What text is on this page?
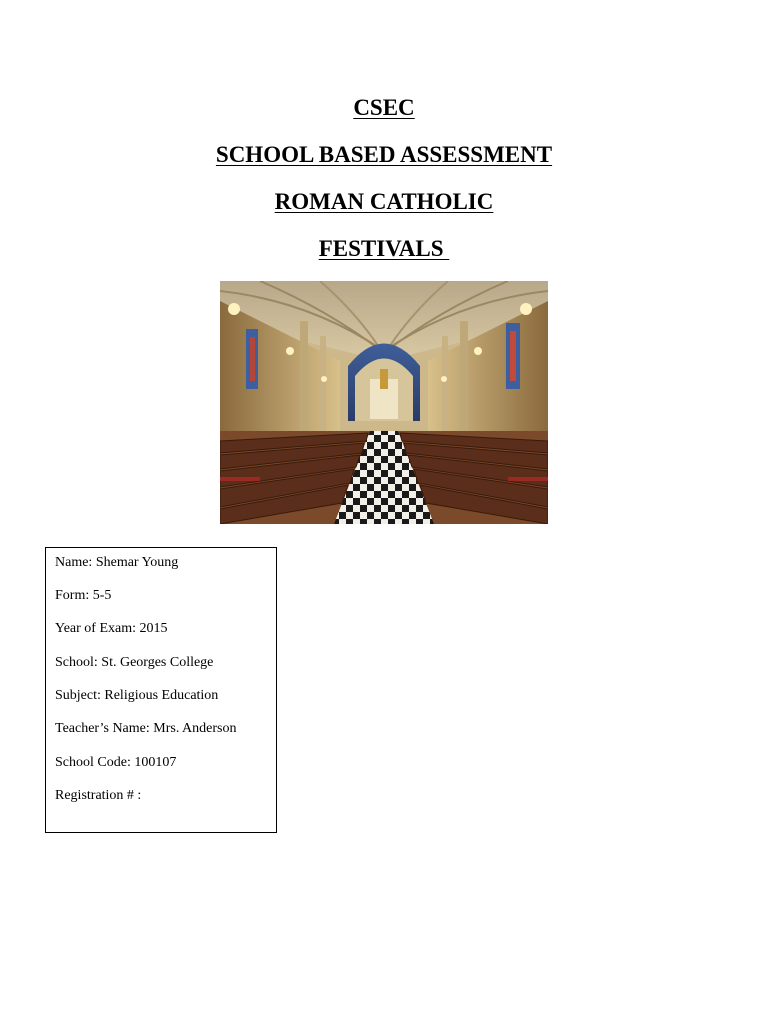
CSEC
SCHOOL BASED ASSESSMENT
ROMAN CATHOLIC
FESTIVALS
Name: Shemar Young
Form: 5-5
Year of Exam: 2015
School: St. Georges College
Subject: Religious Education
Teacher’s Name: Mrs. Anderson
School Code: 100107
Registration # :
